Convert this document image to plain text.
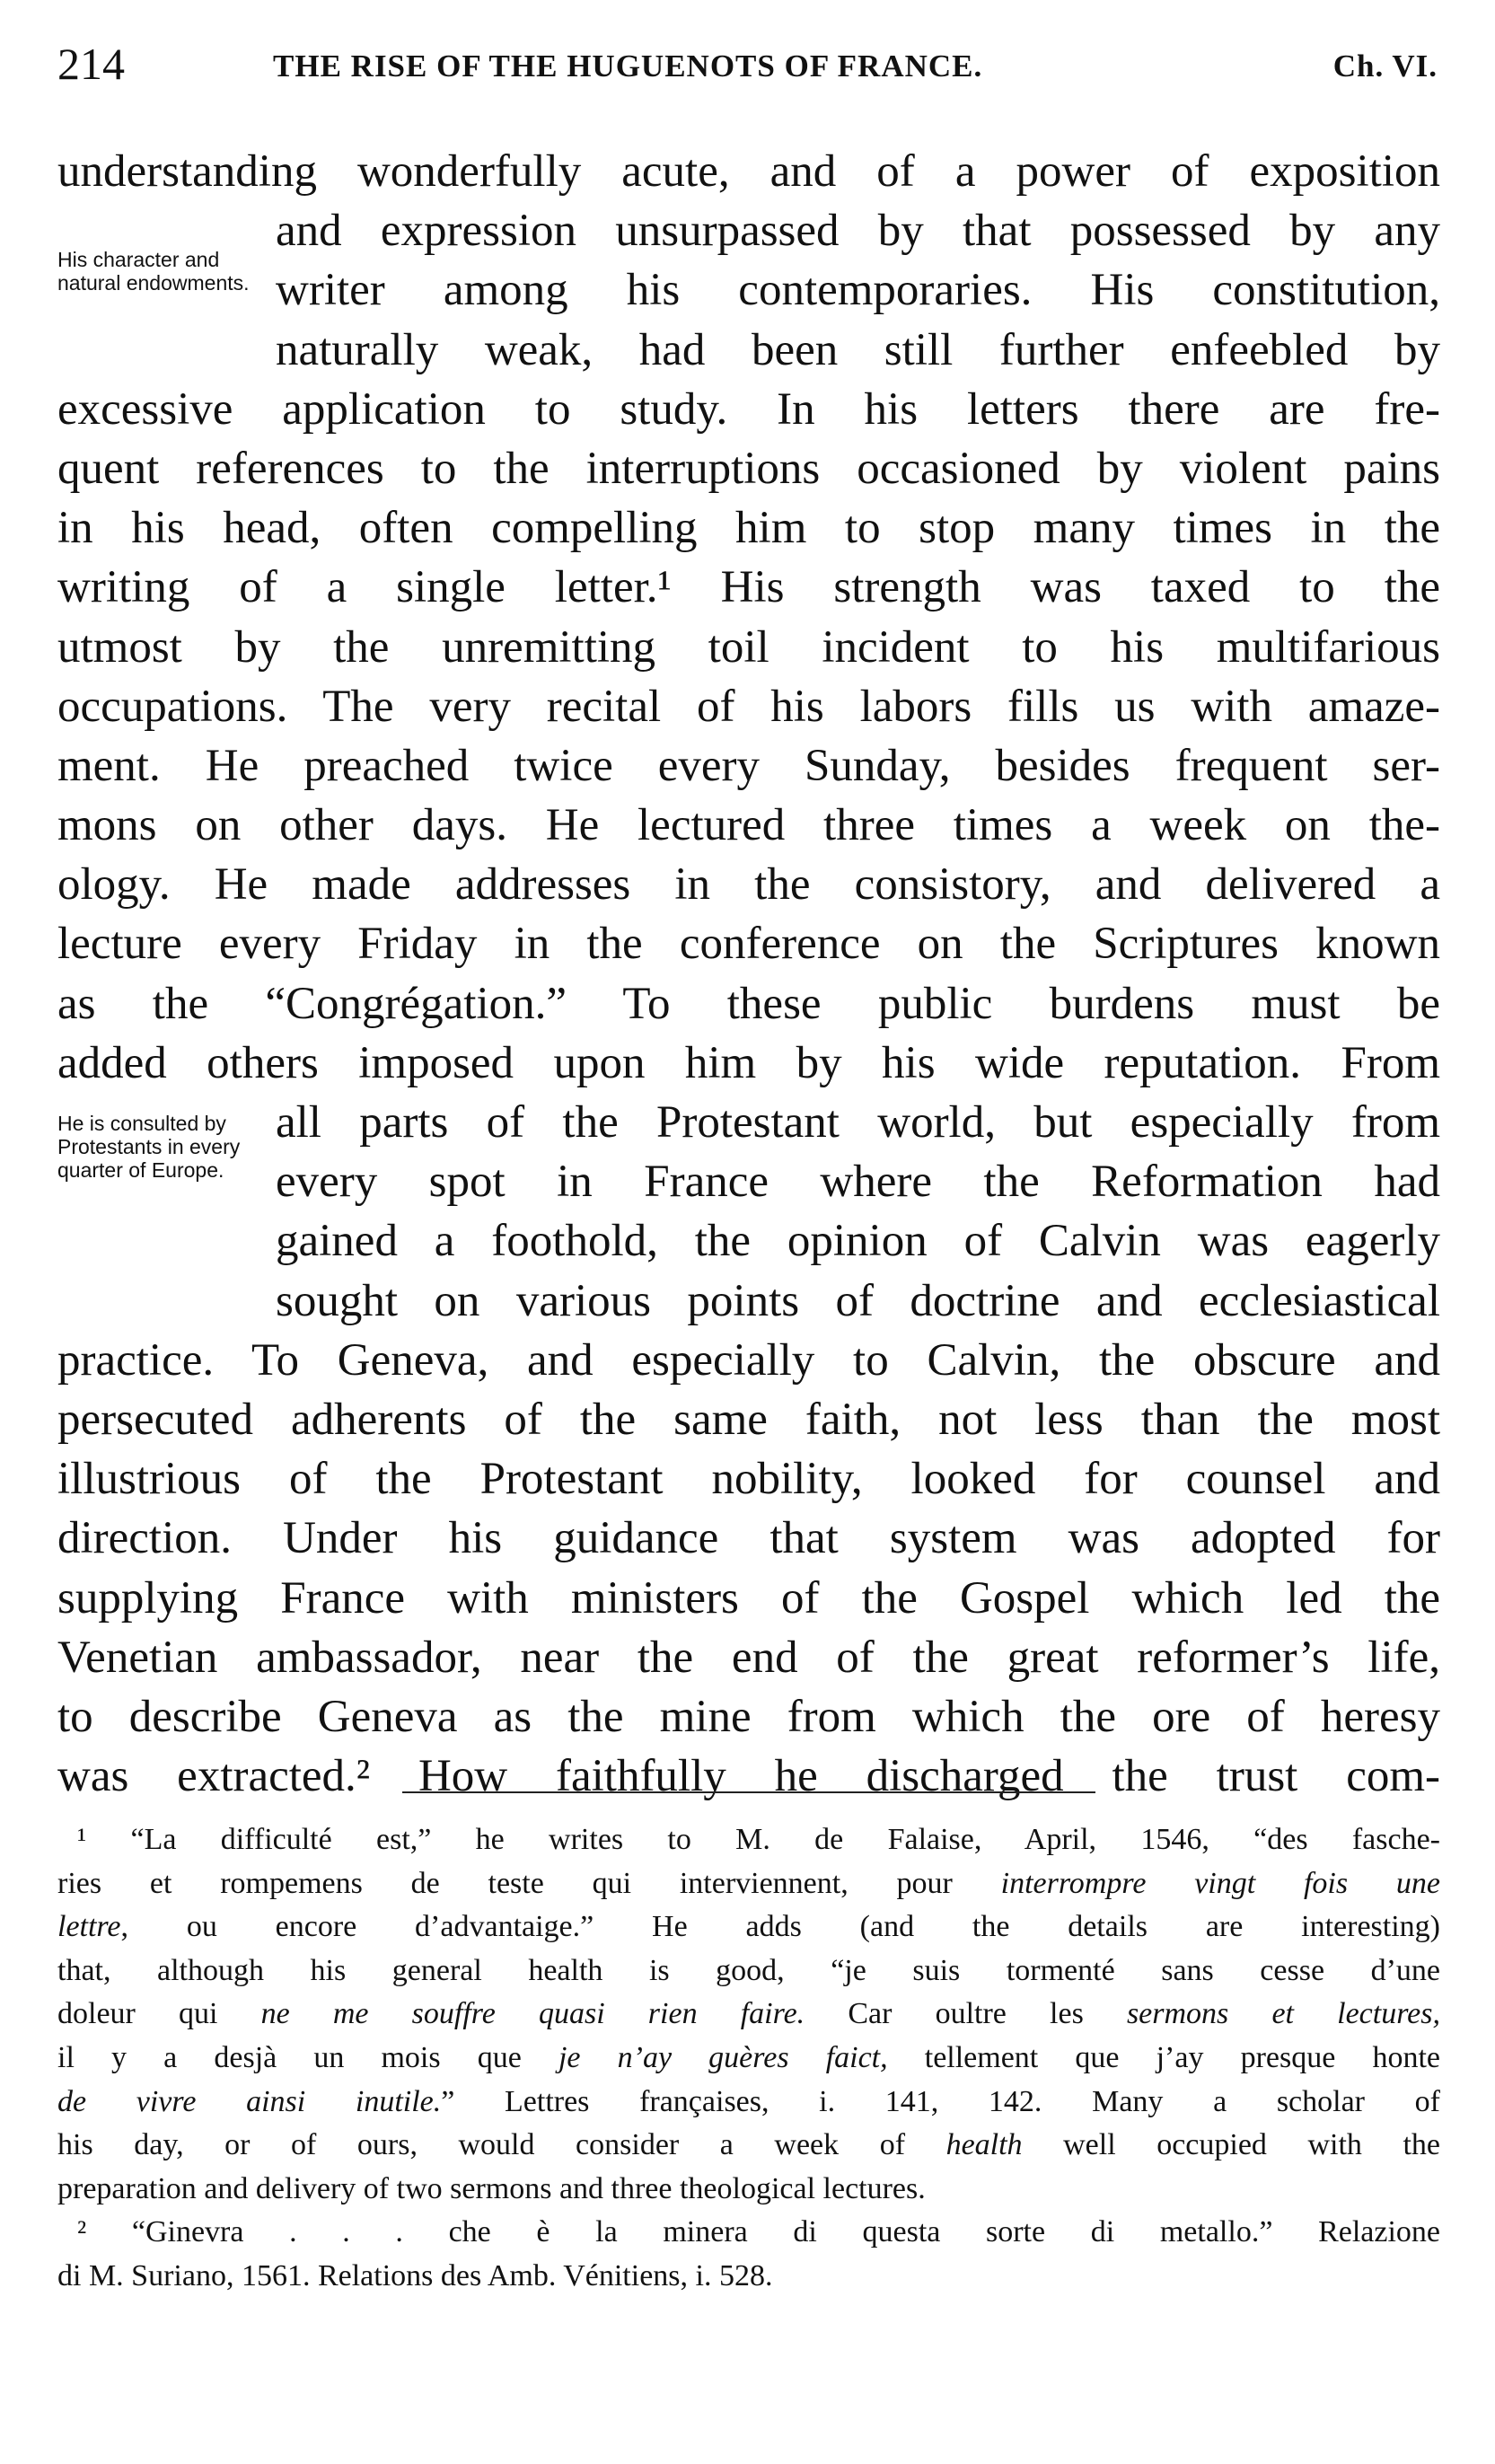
214	THE RISE OF THE HUGUENOTS OF FRANCE.	Ch. VI.
His character and natural endowments.
He is consulted by Protestants in every quarter of Europe.
understanding wonderfully acute, and of a power of exposition
and expression unsurpassed by that possessed by any
writer among his contemporaries. His constitution,
naturally weak, had been still further enfeebled by
excessive application to study. In his letters there are fre-
quent references to the interruptions occasioned by violent pains
in his head, often compelling him to stop many times in the
writing of a single letter.¹ His strength was taxed to the
utmost by the unremitting toil incident to his multifarious
occupations. The very recital of his labors fills us with amaze-
ment. He preached twice every Sunday, besides frequent ser-
mons on other days. He lectured three times a week on the-
ology. He made addresses in the consistory, and delivered a
lecture every Friday in the conference on the Scriptures known
as the “Congrégation.” To these public burdens must be
added others imposed upon him by his wide reputation. From
all parts of the Protestant world, but especially from
every spot in France where the Reformation had
gained a foothold, the opinion of Calvin was eagerly
sought on various points of doctrine and ecclesiastical
practice. To Geneva, and especially to Calvin, the obscure and
persecuted adherents of the same faith, not less than the most
illustrious of the Protestant nobility, looked for counsel and
direction. Under his guidance that system was adopted for
supplying France with ministers of the Gospel which led the
Venetian ambassador, near the end of the great reformer’s life,
to describe Geneva as the mine from which the ore of heresy
was extracted.² How faithfully he discharged the trust com-
¹ “La difficulté est,” he writes to M. de Falaise, April, 1546, “des fasche-
ries et rompemens de teste qui interviennent, pour interrompre vingt fois une
lettre, ou encore d’advantaige.” He adds (and the details are interesting)
that, although his general health is good, “je suis tormenté sans cesse d’une
doleur qui ne me souffre quasi rien faire. Car oultre les sermons et lectures,
il y a desjà un mois que je n’ay guères faict, tellement que j’ay presque honte
de vivre ainsi inutile.” Lettres françaises, i. 141, 142. Many a scholar of
his day, or of ours, would consider a week of health well occupied with the
preparation and delivery of two sermons and three theological lectures.
² “Ginevra . . . che è la minera di questa sorte di metallo.” Relazione
di M. Suriano, 1561. Relations des Amb. Vénitiens, i. 528.
